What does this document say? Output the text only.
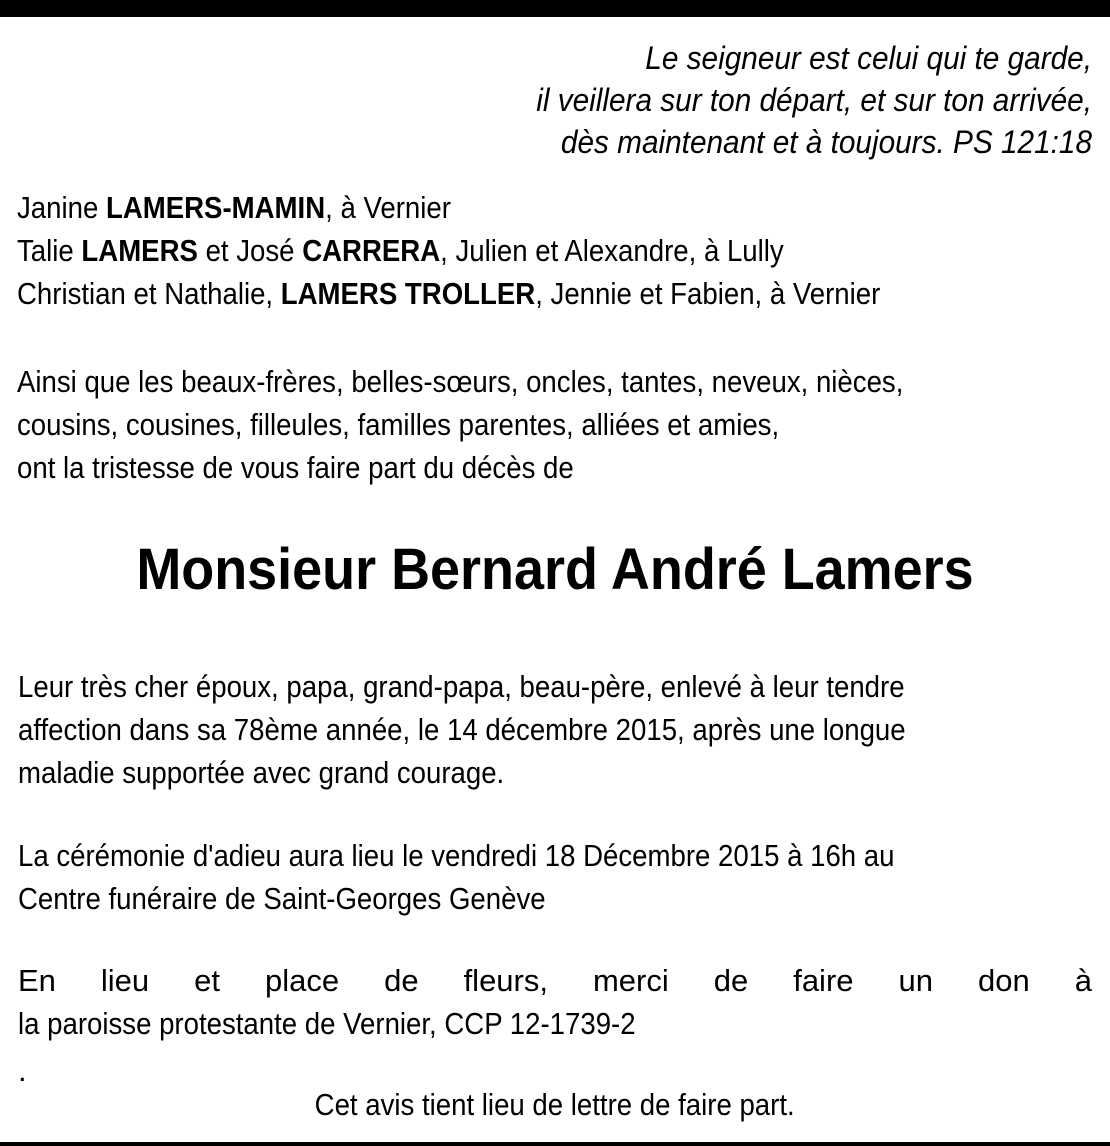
Le seigneur est celui qui te garde,
il veillera sur ton départ, et sur ton arrivée,
dès maintenant et à toujours. PS 121:18
Janine LAMERS-MAMIN, à Vernier
Talie LAMERS et José CARRERA, Julien et Alexandre, à Lully
Christian et Nathalie, LAMERS TROLLER, Jennie et Fabien, à Vernier
Ainsi que les beaux-frères, belles-sœurs, oncles, tantes, neveux, nièces,
cousins, cousines, filleules, familles parentes, alliées et amies,
ont la tristesse de vous faire part du décès de
Monsieur Bernard André Lamers
Leur très cher époux, papa, grand-papa, beau-père, enlevé à leur tendre
affection dans sa 78ème année, le 14 décembre 2015, après une longue
maladie supportée avec grand courage.
La cérémonie d'adieu aura lieu le vendredi 18 Décembre 2015 à 16h au
Centre funéraire de Saint-Georges Genève
En lieu et place de fleurs, merci de faire un don à
la paroisse protestante de Vernier, CCP 12-1739-2
.
Cet avis tient lieu de lettre de faire part.
